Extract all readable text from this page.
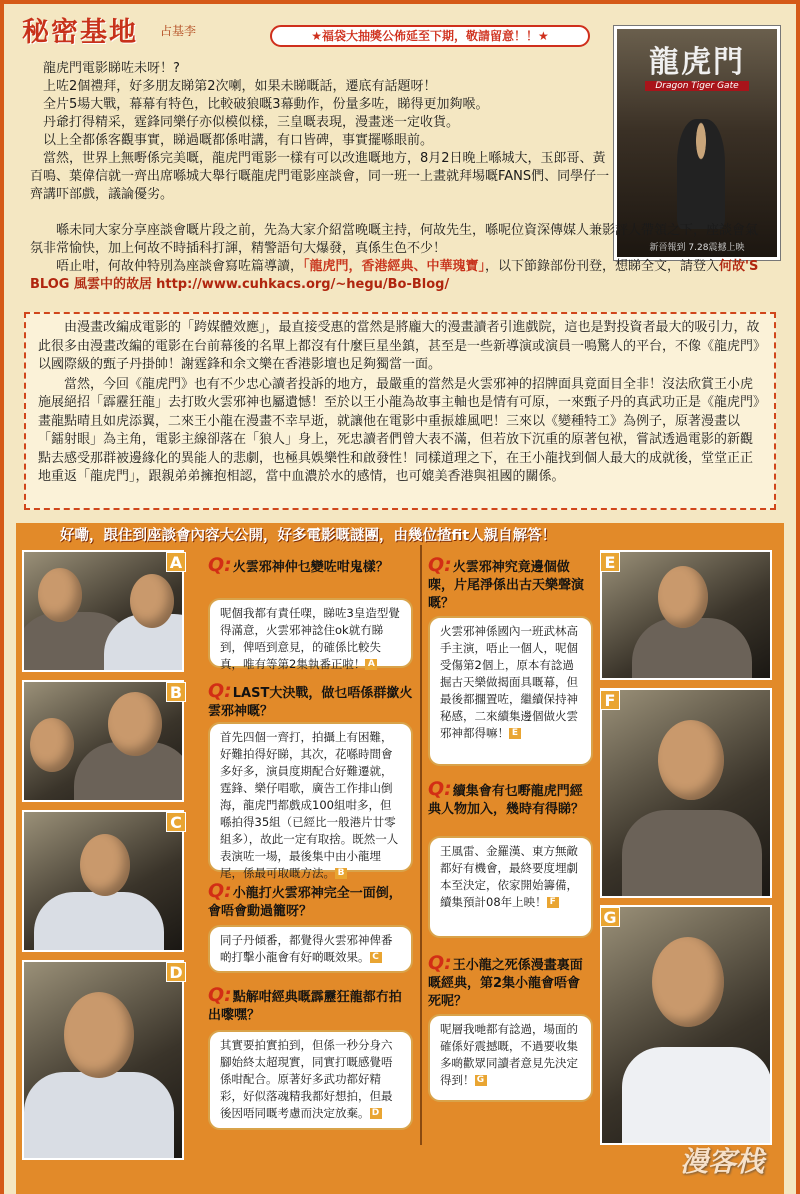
秘密基地 占基李	★福袋大抽獎公佈延至下期，敬請留意！！★
龍虎門
Dragon Tiger Gate
新晉報到 7.28震撼上映

龍虎門電影睇咗未呀！?

上咗2個禮拜，好多朋友睇第2次喇，如果未睇嘅話，遷底有話題呀！

全片5場大戰，幕幕有特色，比較破狼嘅3幕動作，份量多咗，睇得更加夠喉。

丹爺打得精采，霆鋒同樂仔亦似模似樣，三皇嘅表現，漫畫迷一定收貨。

以上全都係客觀事實，睇過嘅都係咁講，有口皆碑，事實擺喺眼前。

當然，世界上無嘢係完美嘅，龍虎門電影一樣有可以改進嘅地方，8月2日晚上喺城大，玉郎哥、黃百鳴、葉偉信就一齊出席喺城大舉行嘅龍虎門電影座談會，同一班一上畫就拜埸嘅FANS們、同學仔一齊講吓部戲，議論優劣。

喺未同大家分享座談會嘅片段之前，先為大家介紹當晚嘅主持，何故先生，喺呢位資深傳媒人兼影評人帶領之下，座談會氣氛非常愉快，加上何故不時插科打諢，精警語句大爆發，真係生色不少！

唔止咁，何故仲特別為座談會寫咗篇導讀，「龍虎門，香港經典、中華瑰寶」，以下節錄部份刊登，想睇全文，請登入何故'S BLOG 風雲中的故居 http://www.cuhkacs.org/~hegu/Bo-Blog/

由漫畫改編成電影的「跨媒體效應」，最直接受惠的當然是將龐大的漫畫讀者引進戲院，這也是對投資者最大的吸引力，故此很多由漫畫改編的電影在台前幕後的名單上都沒有什麼巨星坐鎮，甚至是一些新導演或演員一鳴驚人的平台，不像《龍虎門》以國際級的甄子丹掛帥！謝霆鋒和余文樂在香港影壇也足夠獨當一面。

當然，今回《龍虎門》也有不少忠心讀者投訴的地方，最嚴重的當然是火雲邪神的招牌面具竟面目全非！沒法欣賞王小虎施展絕招「霹靂狂龍」去打敗火雲邪神也屬遺憾！至於以王小龍為故事主軸也是情有可原，一來甄子丹的真武功正是《龍虎門》畫龍點晴且如虎添翼，二來王小龍在漫畫不幸早逝，就讓他在電影中重振雄風吧！三來以《變種特工》為例子，原著漫畫以「鐳射眼」為主角，電影主線卻落在「狼人」身上，死忠讀者們曾大表不滿，但若放下沉重的原著包袱，嘗試透過電影的新觀點去感受那群被邊緣化的異能人的悲劇，也極具娛樂性和啟發性！同樣道理之下，在王小龍找到個人最大的成就後，堂堂正正地重返「龍虎門」，跟親弟弟擁抱相認，當中血濃於水的感情，也可媲美香港與祖國的關係。

好嘞，跟住到座談會內容大公開，好多電影嘅謎團，由幾位揸fit人親自解答！
A
B
C
D
Q:火雲邪神仲乜變咗咁鬼樣？
呢個我都有責任㗎，睇咗3皇造型覺得滿意，火雲邪神諗住ok就冇睇到，俾唔到意見，的確係比較失真，唯有等第2集執番正啦！ A
Q:LAST大決戰，做乜唔係群撳火雲邪神嘅？
首先四個一齊打，拍攝上有困難，好難拍得好睇，其次，花喺時間會多好多，演員度期配合好難遷就，霆鋒、樂仔唱歌，廣告工作排山倒海，龍虎門都戲成100組咁多，但喺拍得35組（已經比一般港片廿零組多），故此一定有取捨。既然一人表演咗一場，最後集中由小龍埋尾，係最可取嘅方法。 B
Q:小龍打火雲邪神完全一面倒，會唔會動過籠呀？
同子丹傾番，都覺得火雲邪神俾番啲打擊小龍會有好啲嘅效果。 C
Q:點解咁經典嘅霹靂狂龍都冇拍出嚟嘿？
其實要拍實拍到，但係一秒分身六腳始終太超現實，同實打嘅感覺唔係咁配合。原著好多武功都好精彩，好似落魂精我都好想拍，但最後因唔同嘅考慮而決定放棄。 D
Q:火雲邪神究竟邊個做㗎，片尾淨係出古天樂聲演嘅？
火雲邪神係國內一班武林高手主演，唔止一個人，呢個受傷第2個上，原本有諗過掘古天樂做揭面具嘅幕，但最後都擱置咗，繼續保持神秘感，二來續集邊個做火雲邪神都得嘛！ E
Q:續集會有乜嘢龍虎門經典人物加入，幾時有得睇？
王風雷、金羅漢、東方無敵都好有機會，最終要度埋劇本至決定，依家開始籌備，續集預計08年上映！ F
Q:王小龍之死係漫畫裏面嘅經典，第2集小龍會唔會死呢？
呢層我哋都有諗過，場面的確係好震撼嘅，不過要收集多啲歡眾同讀者意見先決定得到！ G
E
F
G
漫客栈
